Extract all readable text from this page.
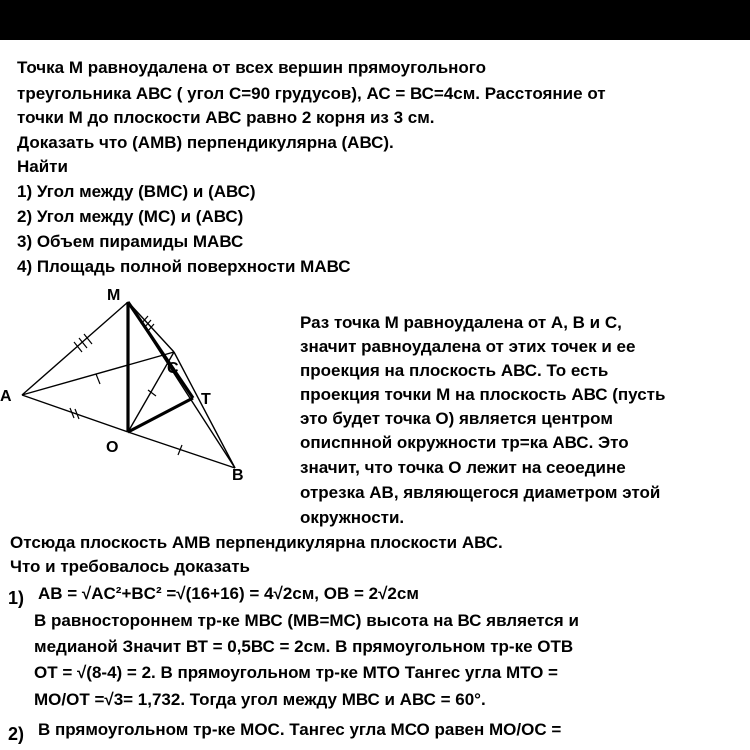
Точка М равноудалена от всех вершин прямоугольного
треугольника АВС ( угол С=90 грудусов), АС = ВС=4см. Расстояние от
точки М до плоскости АВС равно 2 корня из 3 см.
Доказать что (АМВ) перпендикулярна (АВС).
Найти
1) Угол между (ВМС) и (АВС)
2) Угол между (МС) и (АВС)
3) Объем пирамиды МАВС
4) Площадь полной поверхности МАВС
M
A
C
T
O
B
Раз точка М равноудалена от А, В и С,
значит равноудалена от этих точек и ее
проекция на плоскость АВС. То есть
проекция точки М на плоскость АВС (пусть
это будет точка О) является центром
описпнной окружности тр=ка АВС. Это
значит, что точка О лежит на сеоедине
отрезка АВ, являющегося диаметром этой
окружности.
Отсюда плоскость АМВ перпендикулярна плоскости АВС.
Что и требовалось доказать
1) AB = √AC²+BC² =√(16+16) = 4√2см, OB = 2√2см
В равностороннем тр-ке МВС (МВ=МС) высота на ВС является и
медианой Значит ВТ = 0,5ВС = 2см. В прямоугольном тр-ке ОТВ
ОТ = √(8-4) = 2. В прямоугольном тр-ке МТО Тангес угла МТО =
МО/ОТ =√3= 1,732. Тогда угол между МВС и АВС = 60°.
2) В прямоугольном тр-ке МОС. Тангес угла МСО равен МО/ОС =
